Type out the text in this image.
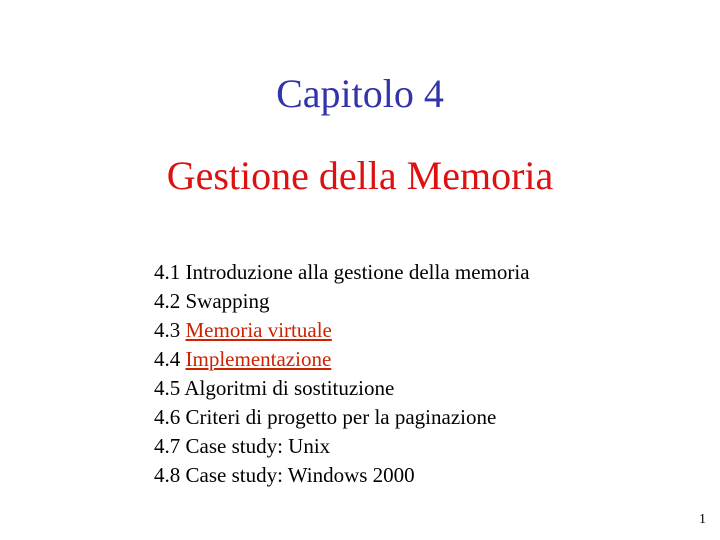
Capitolo 4
Gestione della Memoria
4.1 Introduzione alla gestione della memoria
4.2 Swapping
4.3 Memoria virtuale
4.4 Implementazione
4.5 Algoritmi di sostituzione
4.6 Criteri di progetto per la paginazione
4.7 Case study: Unix
4.8 Case study: Windows 2000
1
